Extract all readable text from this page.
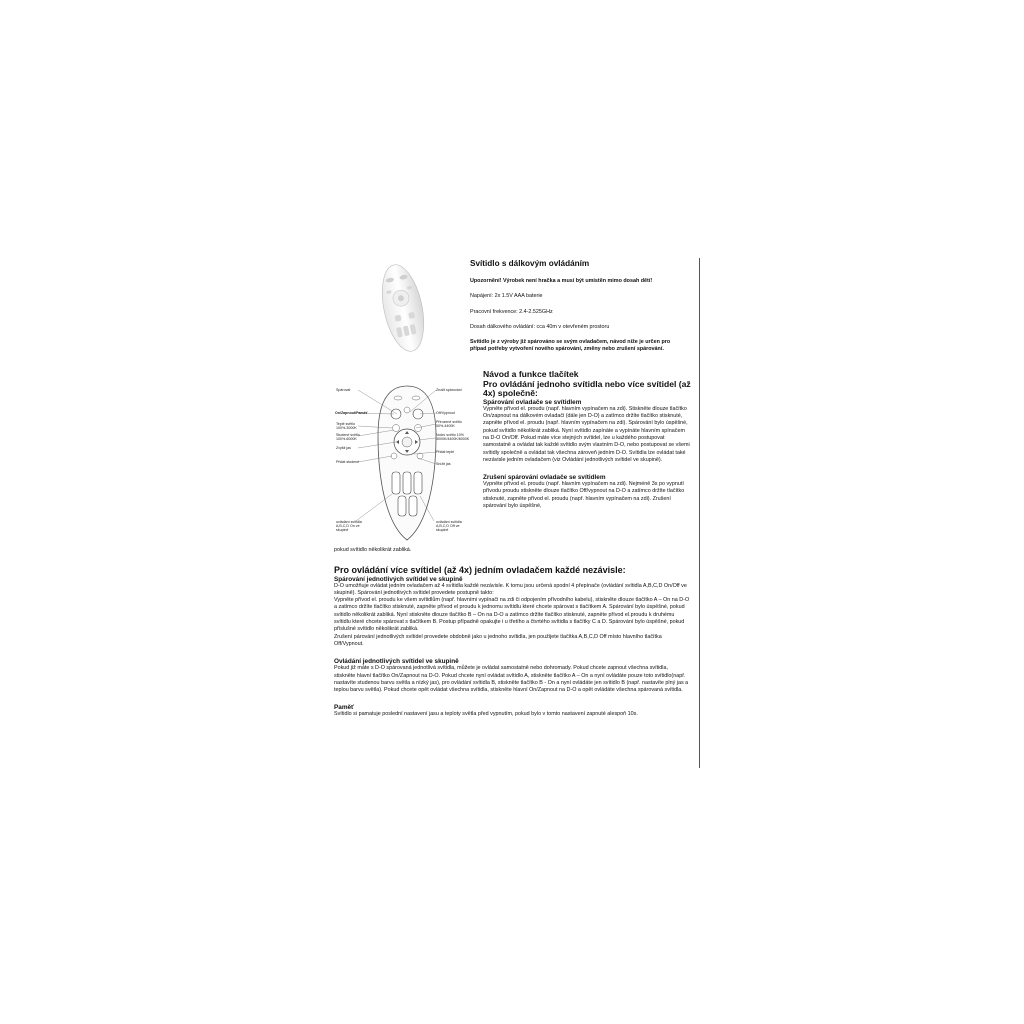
Svítidlo s dálkovým ovládáním
Upozornění! Výrobek není hračka a musí být umístěn mimo dosah dětí!
Napájení: 2x 1.5V AAA baterie
Pracovní frekvence: 2.4-2.525GHz
Dosah dálkového ovládání: cca 40m v otevřeném prostoru
Svítidlo je z výroby již spárováno se svým ovladačem, návod níže je určen pro případ potřeby vytvoření nového spárování, změny nebo zrušení spárování.
Spárovat
On/Zapnout/Paměť
Teplé světlo 100%-3000K
Studené světlo 100%-6000K
Zvýšit jas
Přidat studené
ovládání svítidla A,B,C,D On ve skupině
Zrušit spárování
Off/Vypnout
Přirozené světlo 50%-4400K
Noční světlo 10% 3000K/4400K/6000K
Přidat teplé
Snížit jas
ovládání svítidla A,B,C,D Off ve skupině
Návod a funkce tlačítek
Pro ovládání jednoho svítidla nebo více svítidel (až 4x) společně:
Spárování ovladače se svítidlem
Vypněte přívod el. proudu (např. hlavním vypínačem na zdi). Stiskněte dlouze tlačítko On/zapnout na dálkovém ovladači (dále jen D-O) a zatímco držíte tlačítko stisknuté, zapněte přívod el. proudu (např. hlavním vypínačem na zdi). Spárování bylo úspěšné, pokud svítidlo několikrát zabliká. Nyní svítidlo zapínáte a vypínáte hlavním spínačem na D-O On/Off. Pokud máte více stejných svítidel, lze u každého postupovat samostatně a ovládat tak každé svítidlo svým vlastním D-O, nebo postupovat se všemi svítidly společně a ovládat tak všechna zároveň jedním D-O. Svítidla lze ovládat také nezávisle jedním ovladačem (viz Ovládání jednotlivých svítidel ve skupině).
Zrušení spárování ovladače se svítidlem
Vypněte přívod el. proudu (např. hlavním vypínačem na zdi). Nejméně 3s po vypnutí přívodu proudu stiskněte dlouze tlačítko Off/vypnout na D-O a zatímco držíte tlačítko stisknuté, zapněte přívod el. proudu (např. hlavním vypínačem na zdi). Zrušení spárování bylo úspěšné,
pokud svítidlo několikrát zabliká.
Pro ovládání více svítidel (až 4x) jedním ovladačem každé nezávisle:
Spárování jednotlivých svítidel ve skupině
D-O umožňuje ovládat jedním ovladačem až 4 svítidla každé nezávisle. K tomu jsou určená spodní 4 přepínače (ovládání svítidla A,B,C,D On/Off ve skupině). Spárování jednotlivých svítidel provedete postupně takto:
Vypněte přívod el. proudu ke všem svítidlům (např. hlavními vypínači na zdi či odpojením přívodního kabelu), stiskněte dlouze tlačítko A – On na D-O a zatímco držíte tlačítko stisknuté, zapněte přívod el proudu k jednomu svítidlu které chcete spárovat s tlačítkem A. Spárování bylo úspěšné, pokud svítidlo několikrát zabliká. Nyní stiskněte dlouze tlačítko B – On na D-O a zatímco držíte tlačítko stisknuté, zapněte přívod el.proudu k druhému svítidlu které chcete spárovat s tlačítkem B. Postup případně opakujte i u třetího a čtvrtého svítidla s tlačítky C a D. Spárování bylo úspěšné, pokud příslušné svítidlo několikrát zabliká.
Zrušení párování jednotlivých svítidel provedete obdobně jako u jednoho svítidla, jen použijete tlačítka A,B,C,D Off místo hlavního tlačítka Off/Vypnout.
Ovládání jednotlivých svítidel ve skupině
Pokud již máte s D-O spárovaná jednotlivá svítidla, můžete je ovládat samostatně nebo dohromady. Pokud chcete zapnout všechna svítidla, stiskněte hlavní tlačítko On/Zapnout na D-O. Pokud chcete nyní ovládat svítidlo A, stiskněte tlačítko A – On a nyní ovládáte pouze toto svítidlo(např. nastavíte studenou barvu světla a nízký jas), pro ovládání svítidla B, stiskněte tlačítko B - On a nyní ovládáte jen svítidlo B (např. nastavíte plný jas a teplou barvu světla). Pokud chcete opět ovládat všechna svítidla, stiskněte hlavní On/Zapnout na D-O a opět ovládáte všechna spárovaná svítidla.
Paměť
Svítidlo si pamatuje poslední nastavení jasu a teploty světla před vypnutím, pokud bylo v tomto nastavení zapnuté alespoň 10s.
